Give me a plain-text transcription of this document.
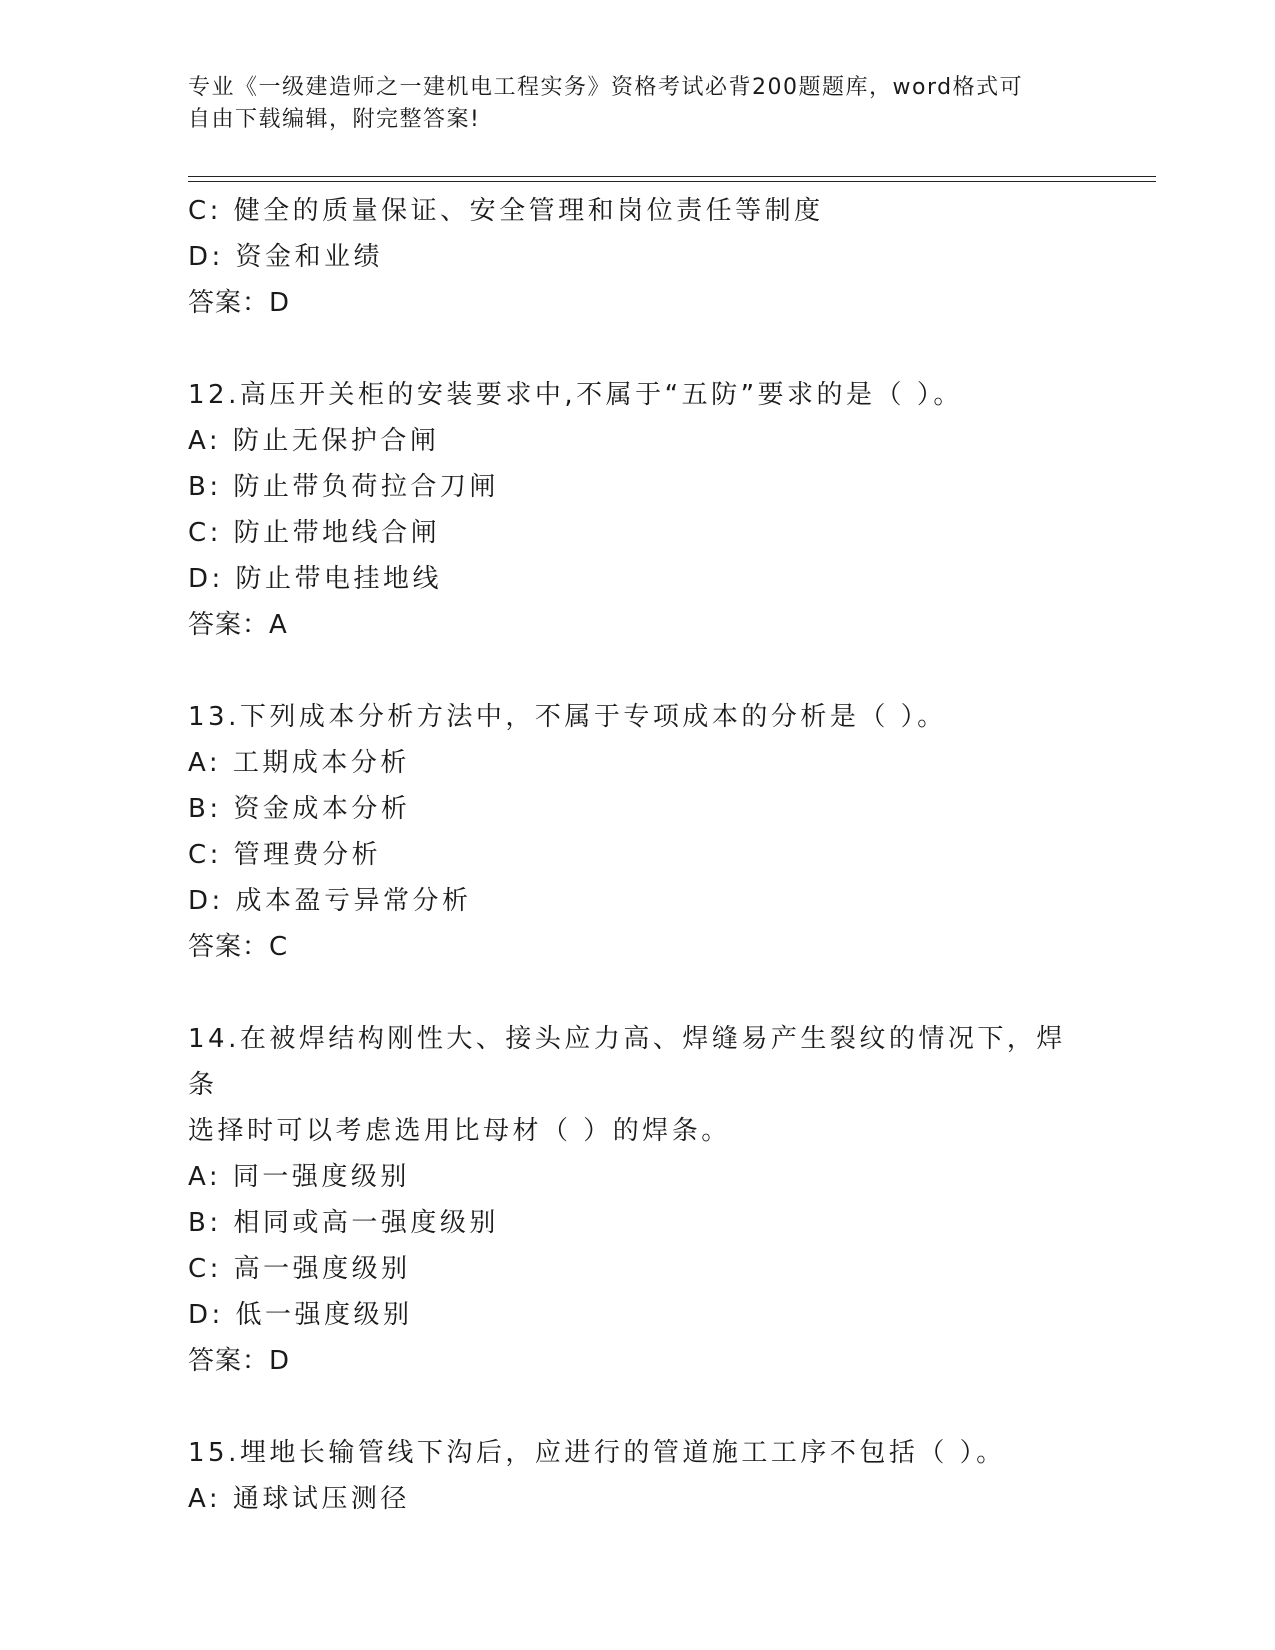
专业《一级建造师之一建机电工程实务》资格考试必背200题题库，word格式可
自由下载编辑，附完整答案!
C: 健全的质量保证、安全管理和岗位责任等制度
D: 资金和业绩
答案：D
12.高压开关柜的安装要求中,不属于“五防”要求的是（ ）。
A: 防止无保护合闸
B: 防止带负荷拉合刀闸
C: 防止带地线合闸
D: 防止带电挂地线
答案：A
13.下列成本分析方法中，不属于专项成本的分析是（ ）。
A: 工期成本分析
B: 资金成本分析
C: 管理费分析
D: 成本盈亏异常分析
答案：C
14.在被焊结构刚性大、接头应力高、焊缝易产生裂纹的情况下，焊条
选择时可以考虑选用比母材（ ）的焊条。
A: 同一强度级别
B: 相同或高一强度级别
C: 高一强度级别
D: 低一强度级别
答案：D
15.埋地长输管线下沟后，应进行的管道施工工序不包括（ ）。
A: 通球试压测径
